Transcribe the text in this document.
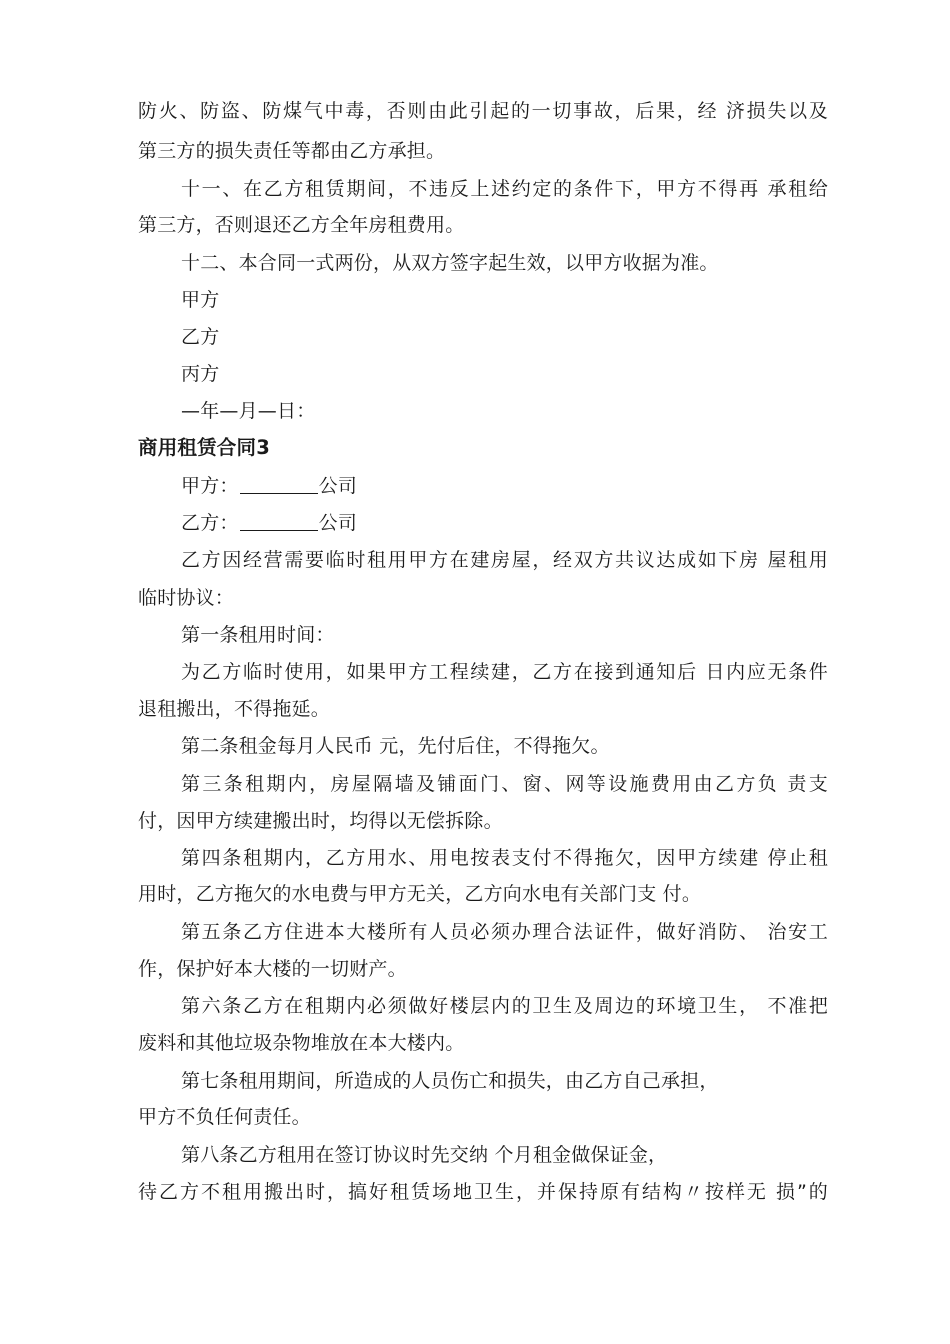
防火、防盗、防煤气中毒，否则由此引起的一切事故，后果，经 济损失以及
第三方的损失责任等都由乙方承担。
十一、在乙方租赁期间，不违反上述约定的条件下，甲方不得再 承租给
第三方，否则退还乙方全年房租费用。
十二、本合同一式两份，从双方签字起生效，以甲方收据为准。
甲方
乙方
丙方
—年—月—日：
商用租赁合同3
甲方：	公司
乙方：	公司
乙方因经营需要临时租用甲方在建房屋，经双方共议达成如下房 屋租用
临时协议：
第一条租用时间：
为乙方临时使用，如果甲方工程续建，乙方在接到通知后 日内应无条件
退租搬出，不得拖延。
第二条租金每月人民币 元，先付后住，不得拖欠。
第三条租期内，房屋隔墙及铺面门、窗、网等设施费用由乙方负 责支
付，因甲方续建搬出时，均得以无偿拆除。
第四条租期内，乙方用水、用电按表支付不得拖欠，因甲方续建 停止租
用时，乙方拖欠的水电费与甲方无关，乙方向水电有关部门支 付。
第五条乙方住进本大楼所有人员必须办理合法证件，做好消防、 治安工
作，保护好本大楼的一切财产。
第六条乙方在租期内必须做好楼层内的卫生及周边的环境卫生， 不准把
废料和其他垃圾杂物堆放在本大楼内。
第七条租用期间，所造成的人员伤亡和损失，由乙方自己承担，
甲方不负任何责任。
第八条乙方租用在签订协议时先交纳 个月租金做保证金，
待乙方不租用搬出时，搞好租赁场地卫生，并保持原有结构〃按样无 损”的
